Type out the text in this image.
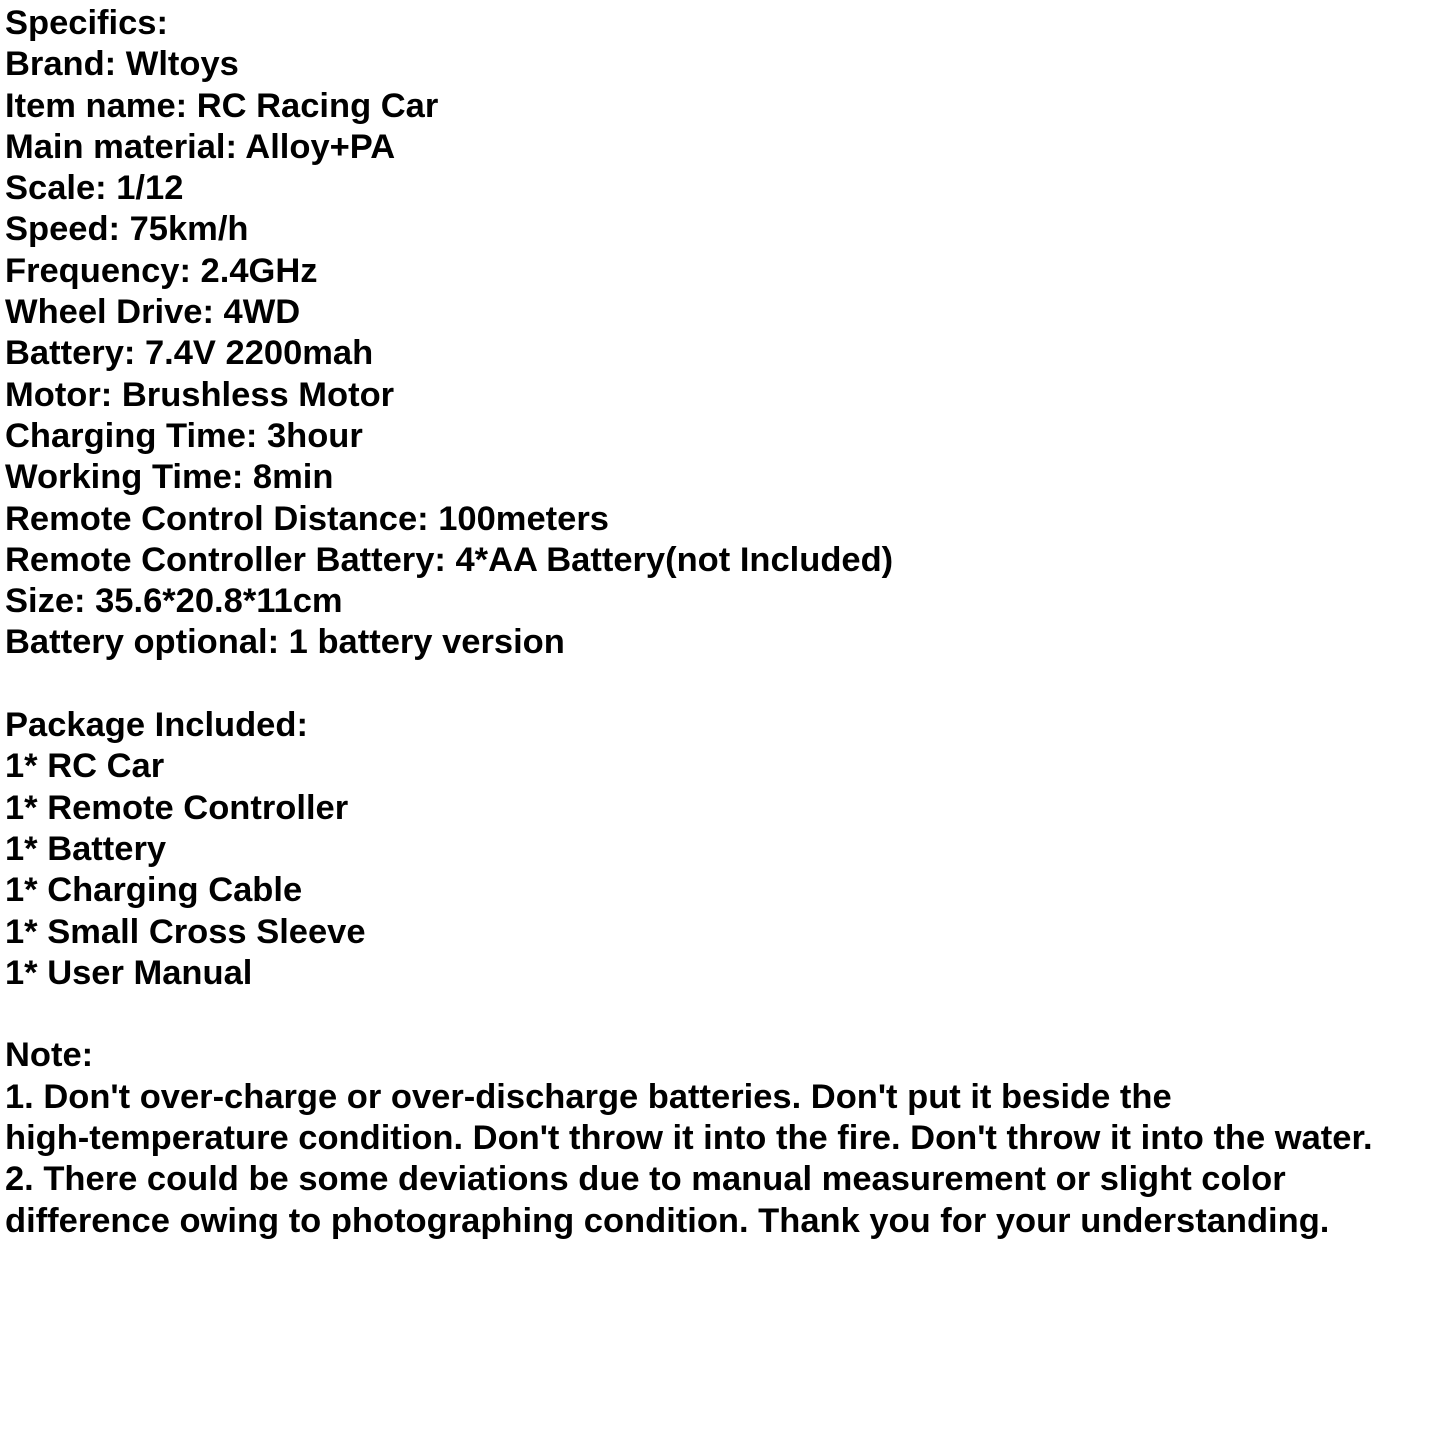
Specifics:
Brand: Wltoys
Item name: RC Racing Car
Main material: Alloy+PA
Scale: 1/12
Speed: 75km/h
Frequency: 2.4GHz
Wheel Drive: 4WD
Battery: 7.4V 2200mah
Motor: Brushless Motor
Charging Time: 3hour
Working Time: 8min
Remote Control Distance: 100meters
Remote Controller Battery: 4*AA Battery(not Included)
Size: 35.6*20.8*11cm
Battery optional: 1 battery version
Package Included:
1* RC Car
1* Remote Controller
1* Battery
1* Charging Cable
1* Small Cross Sleeve
1* User Manual
Note:
1. Don't over-charge or over-discharge batteries. Don't put it beside the
high-temperature condition. Don't throw it into the fire. Don't throw it into the water.
2. There could be some deviations due to manual measurement or slight color
difference owing to photographing condition. Thank you for your understanding.
